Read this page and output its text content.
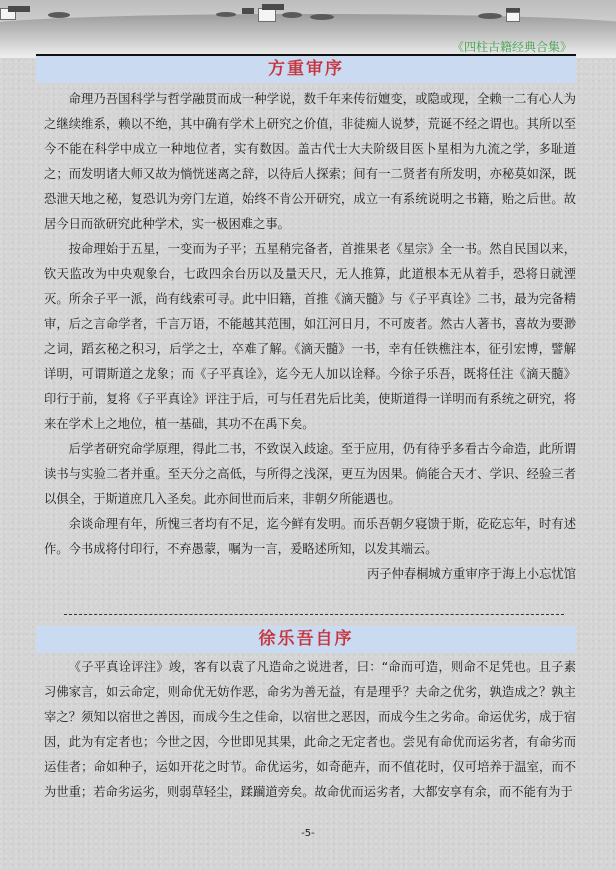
《四柱古籍经典合集》
方重审序

命理乃吾国科学与哲学融贯而成一种学说，数千年来传衍嬗变，或隐或现，全赖一二有心人为之继续维系，赖以不绝，其中确有学术上研究之价值，非徒痴人说梦，荒诞不经之谓也。其所以至今不能在科学中成立一种地位者，实有数因。盖古代士大夫阶级目医卜星相为九流之学，多耻道之；而发明诸大师又故为惝恍迷离之辞，以待后人探索；间有一二贤者有所发明，亦秘莫如深，既恐泄天地之秘，复恐讥为旁门左道，始终不肯公开研究，成立一有系统说明之书籍，贻之后世。故居今日而欲研究此种学术，实一极困难之事。

按命理始于五星，一变而为子平；五星稍完备者，首推果老《星宗》全一书。然自民国以来，钦天监改为中央观象台，七政四余台历以及量天尺，无人推算，此道根本无从着手，恐将日就湮灭。所余子平一派，尚有线索可寻。此中旧籍，首推《滴天髓》与《子平真诠》二书，最为完备精审，后之言命学者，千言万语，不能越其范围，如江河日月，不可废者。然古人著书，喜故为要渺之词，蹈玄秘之积习，后学之士，卒难了解。《滴天髓》一书，幸有任铁樵注本，征引宏博，譬解详明，可谓斯道之龙象；而《子平真诠》，迄今无人加以诠释。今徐子乐吾，既将任注《滴天髓》印行于前，复将《子平真诠》评注于后，可与任君先后比美，使斯道得一详明而有系统之研究，将来在学术上之地位，植一基础，其功不在禹下矣。

后学者研究命学原理，得此二书，不致误入歧途。至于应用，仍有待乎多看古今命造，此所谓读书与实验二者并重。至天分之高低，与所得之浅深，更互为因果。倘能合天才、学识、经验三者以俱全，于斯道庶几入圣矣。此亦间世而后来，非朝夕所能遇也。

余谈命理有年，所愧三者均有不足，迄今鲜有发明。而乐吾朝夕寝馈于斯，矻矻忘年，时有述作。今书成将付印行，不弃愚蒙，嘱为一言，爰略述所知，以发其端云。

丙子仲春桐城方重审序于海上小忘忧馆

徐乐吾自序

《子平真诠评注》竣，客有以袁了凡造命之说进者，曰：“命而可造，则命不足凭也。且子素习佛家言，如云命定，则命优无妨作恶，命劣为善无益，有是理乎？夫命之优劣，孰造成之？孰主宰之？须知以宿世之善因，而成今生之佳命，以宿世之恶因，而成今生之劣命。命运优劣，成于宿因，此为有定者也；今世之因，今世即见其果，此命之无定者也。尝见有命优而运劣者，有命劣而运佳者；命如种子，运如开花之时节。命优运劣，如奇葩卉，而不值花时，仅可培养于温室，而不为世重；若命劣运劣，则弱草轻尘，蹂躏道旁矣。故命优而运劣者，大都安享有余，而不能有为于

-5-
